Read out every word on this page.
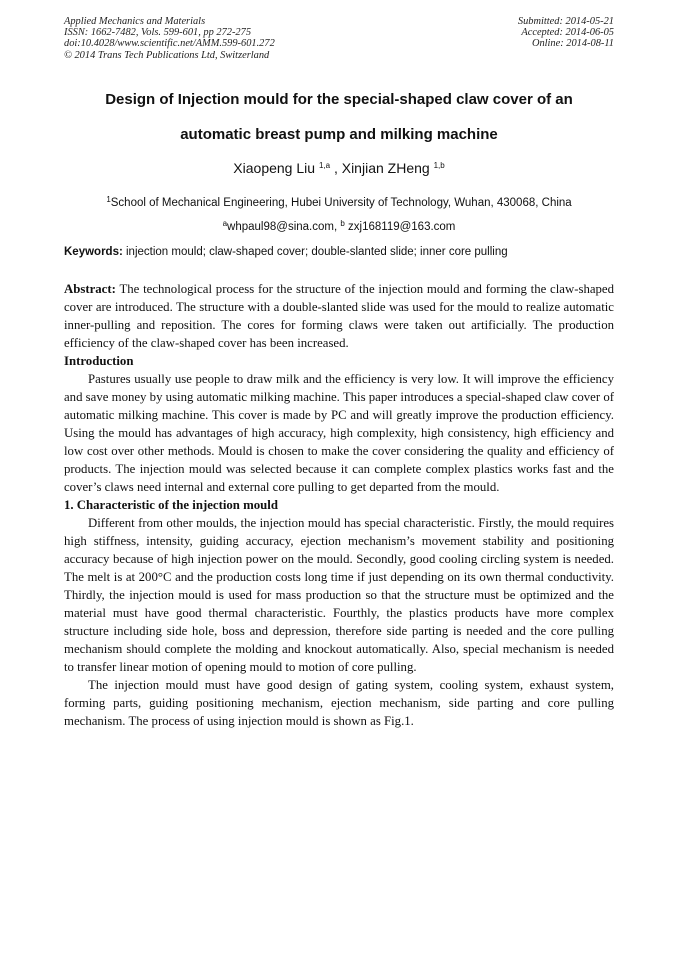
Applied Mechanics and Materials
ISSN: 1662-7482, Vols. 599-601, pp 272-275
doi:10.4028/www.scientific.net/AMM.599-601.272
© 2014 Trans Tech Publications Ltd, Switzerland
Submitted: 2014-05-21
Accepted: 2014-06-05
Online: 2014-08-11
Design of Injection mould for the special-shaped claw cover of an
automatic breast pump and milking machine
Xiaopeng Liu $^{1,a}$ , Xinjian ZHeng $^{1,b}$
$^1$School of Mechanical Engineering, Hubei University of Technology, Wuhan, 430068, China
$^a$whpaul98@sina.com, $^b$ zxj168119@163.com
Keywords: injection mould; claw-shaped cover; double-slanted slide; inner core pulling

Abstract: The technological process for the structure of the injection mould and forming the claw-shaped cover are introduced. The structure with a double-slanted slide was used for the mould to realize automatic inner-pulling and reposition. The cores for forming claws were taken out artificially. The production efficiency of the claw-shaped cover has been increased.

Introduction

Pastures usually use people to draw milk and the efficiency is very low. It will improve the efficiency and save money by using automatic milking machine. This paper introduces a special-shaped claw cover of automatic milking machine. This cover is made by PC and will greatly improve the production efficiency. Using the mould has advantages of high accuracy, high complexity, high consistency, high efficiency and low cost over other methods. Mould is chosen to make the cover considering the quality and efficiency of products. The injection mould was selected because it can complete complex plastics works fast and the cover’s claws need internal and external core pulling to get departed from the mould.

1. Characteristic of the injection mould

Different from other moulds, the injection mould has special characteristic. Firstly, the mould requires high stiffness, intensity, guiding accuracy, ejection mechanism’s movement stability and positioning accuracy because of high injection power on the mould. Secondly, good cooling circling system is needed. The melt is at 200°C and the production costs long time if just depending on its own thermal conductivity. Thirdly, the injection mould is used for mass production so that the structure must be optimized and the material must have good thermal characteristic. Fourthly, the plastics products have more complex structure including side hole, boss and depression, therefore side parting is needed and the core pulling mechanism should complete the molding and knockout automatically. Also, special mechanism is needed to transfer linear motion of opening mould to motion of core pulling.

The injection mould must have good design of gating system, cooling system, exhaust system, forming parts, guiding positioning mechanism, ejection mechanism, side parting and core pulling mechanism. The process of using injection mould is shown as Fig.1.
